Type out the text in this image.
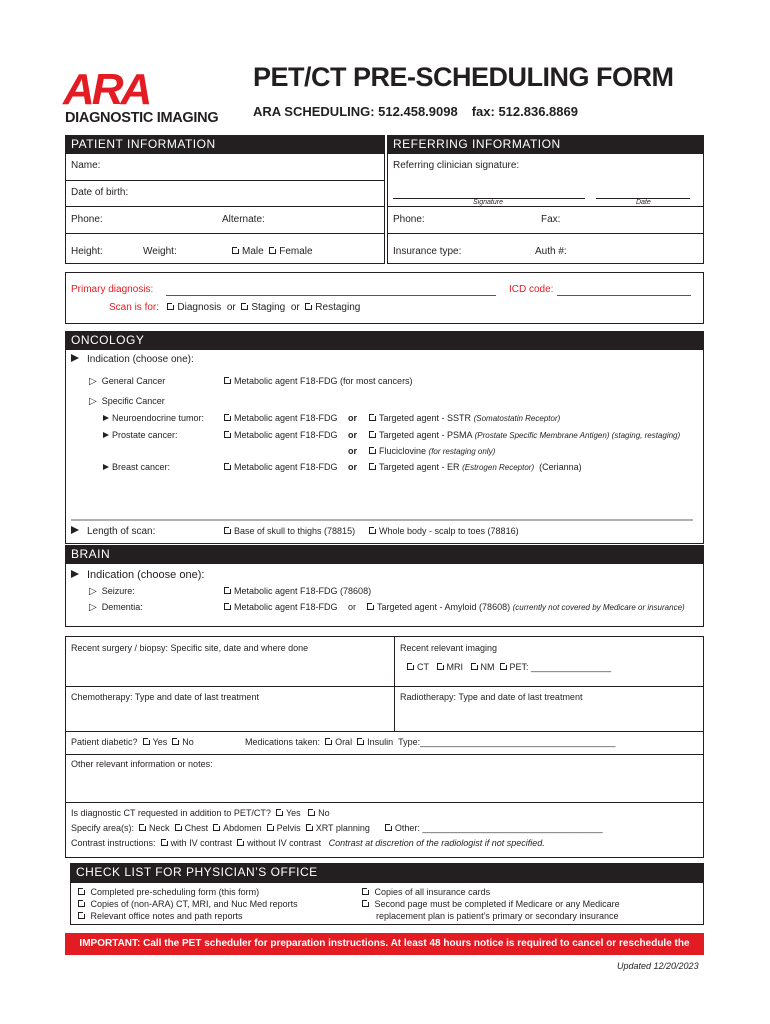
ARA
DIAGNOSTIC IMAGING
PET/CT PRE-SCHEDULING FORM
ARA SCHEDULING: 512.458.9098 fax: 512.836.8869
PATIENT INFORMATION
Name:
Date of birth:
Phone:	Alternate:
Height:	Weight:	Male Female
REFERRING INFORMATION
Referring clinician signature:
Signature	Date
Phone:	Fax:
Insurance type:	Auth #:
Primary diagnosis:	ICD code:
Scan is for: Diagnosis or Staging or Restaging
ONCOLOGY
Indication (choose one):
▷ General Cancer	Metabolic agent F18-FDG (for most cancers)
▷ Specific Cancer
Neuroendocrine tumor:	Metabolic agent F18-FDG or	Targeted agent - SSTR (Somatostatin Receptor)
Prostate cancer:	Metabolic agent F18-FDG or	Targeted agent - PSMA (Prostate Specific Membrane Antigen) (staging, restaging)
or	Fluciclovine (for restaging only)
Breast cancer:	Metabolic agent F18-FDG or	Targeted agent - ER (Estrogen Receptor) (Cerianna)
Length of scan:	Base of skull to thighs (78815)	Whole body - scalp to toes (78816)
BRAIN
Indication (choose one):
▷ Seizure:	Metabolic agent F18-FDG (78608)
▷ Dementia:	Metabolic agent F18-FDG or	Targeted agent - Amyloid (78608) (currently not covered by Medicare or insurance)
Recent surgery / biopsy: Specific site, date and where done	Recent relevant imaging
CT MRI NM PET: ________________
Chemotherapy: Type and date of last treatment	Radiotherapy: Type and date of last treatment
Patient diabetic? Yes No	Medications taken: Oral Insulin Type:_______________________________________
Other relevant information or notes:
Is diagnostic CT requested in addition to PET/CT? Yes No
Specify area(s): Neck Chest Abdomen Pelvis XRT planning	Other: ____________________________________
Contrast instructions: with IV contrast without IV contrast Contrast at discretion of the radiologist if not specified.
CHECK LIST FOR PHYSICIAN’S OFFICE
Completed pre-scheduling form (this form)
Copies of (non-ARA) CT, MRI, and Nuc Med reports
Relevant office notes and path reports
Copies of all insurance cards
Second page must be completed if Medicare or any Medicare
replacement plan is patient’s primary or secondary insurance
IMPORTANT: Call the PET scheduler for preparation instructions. At least 48 hours notice is required to cancel or reschedule the exam.	Updated 12/20/2023
